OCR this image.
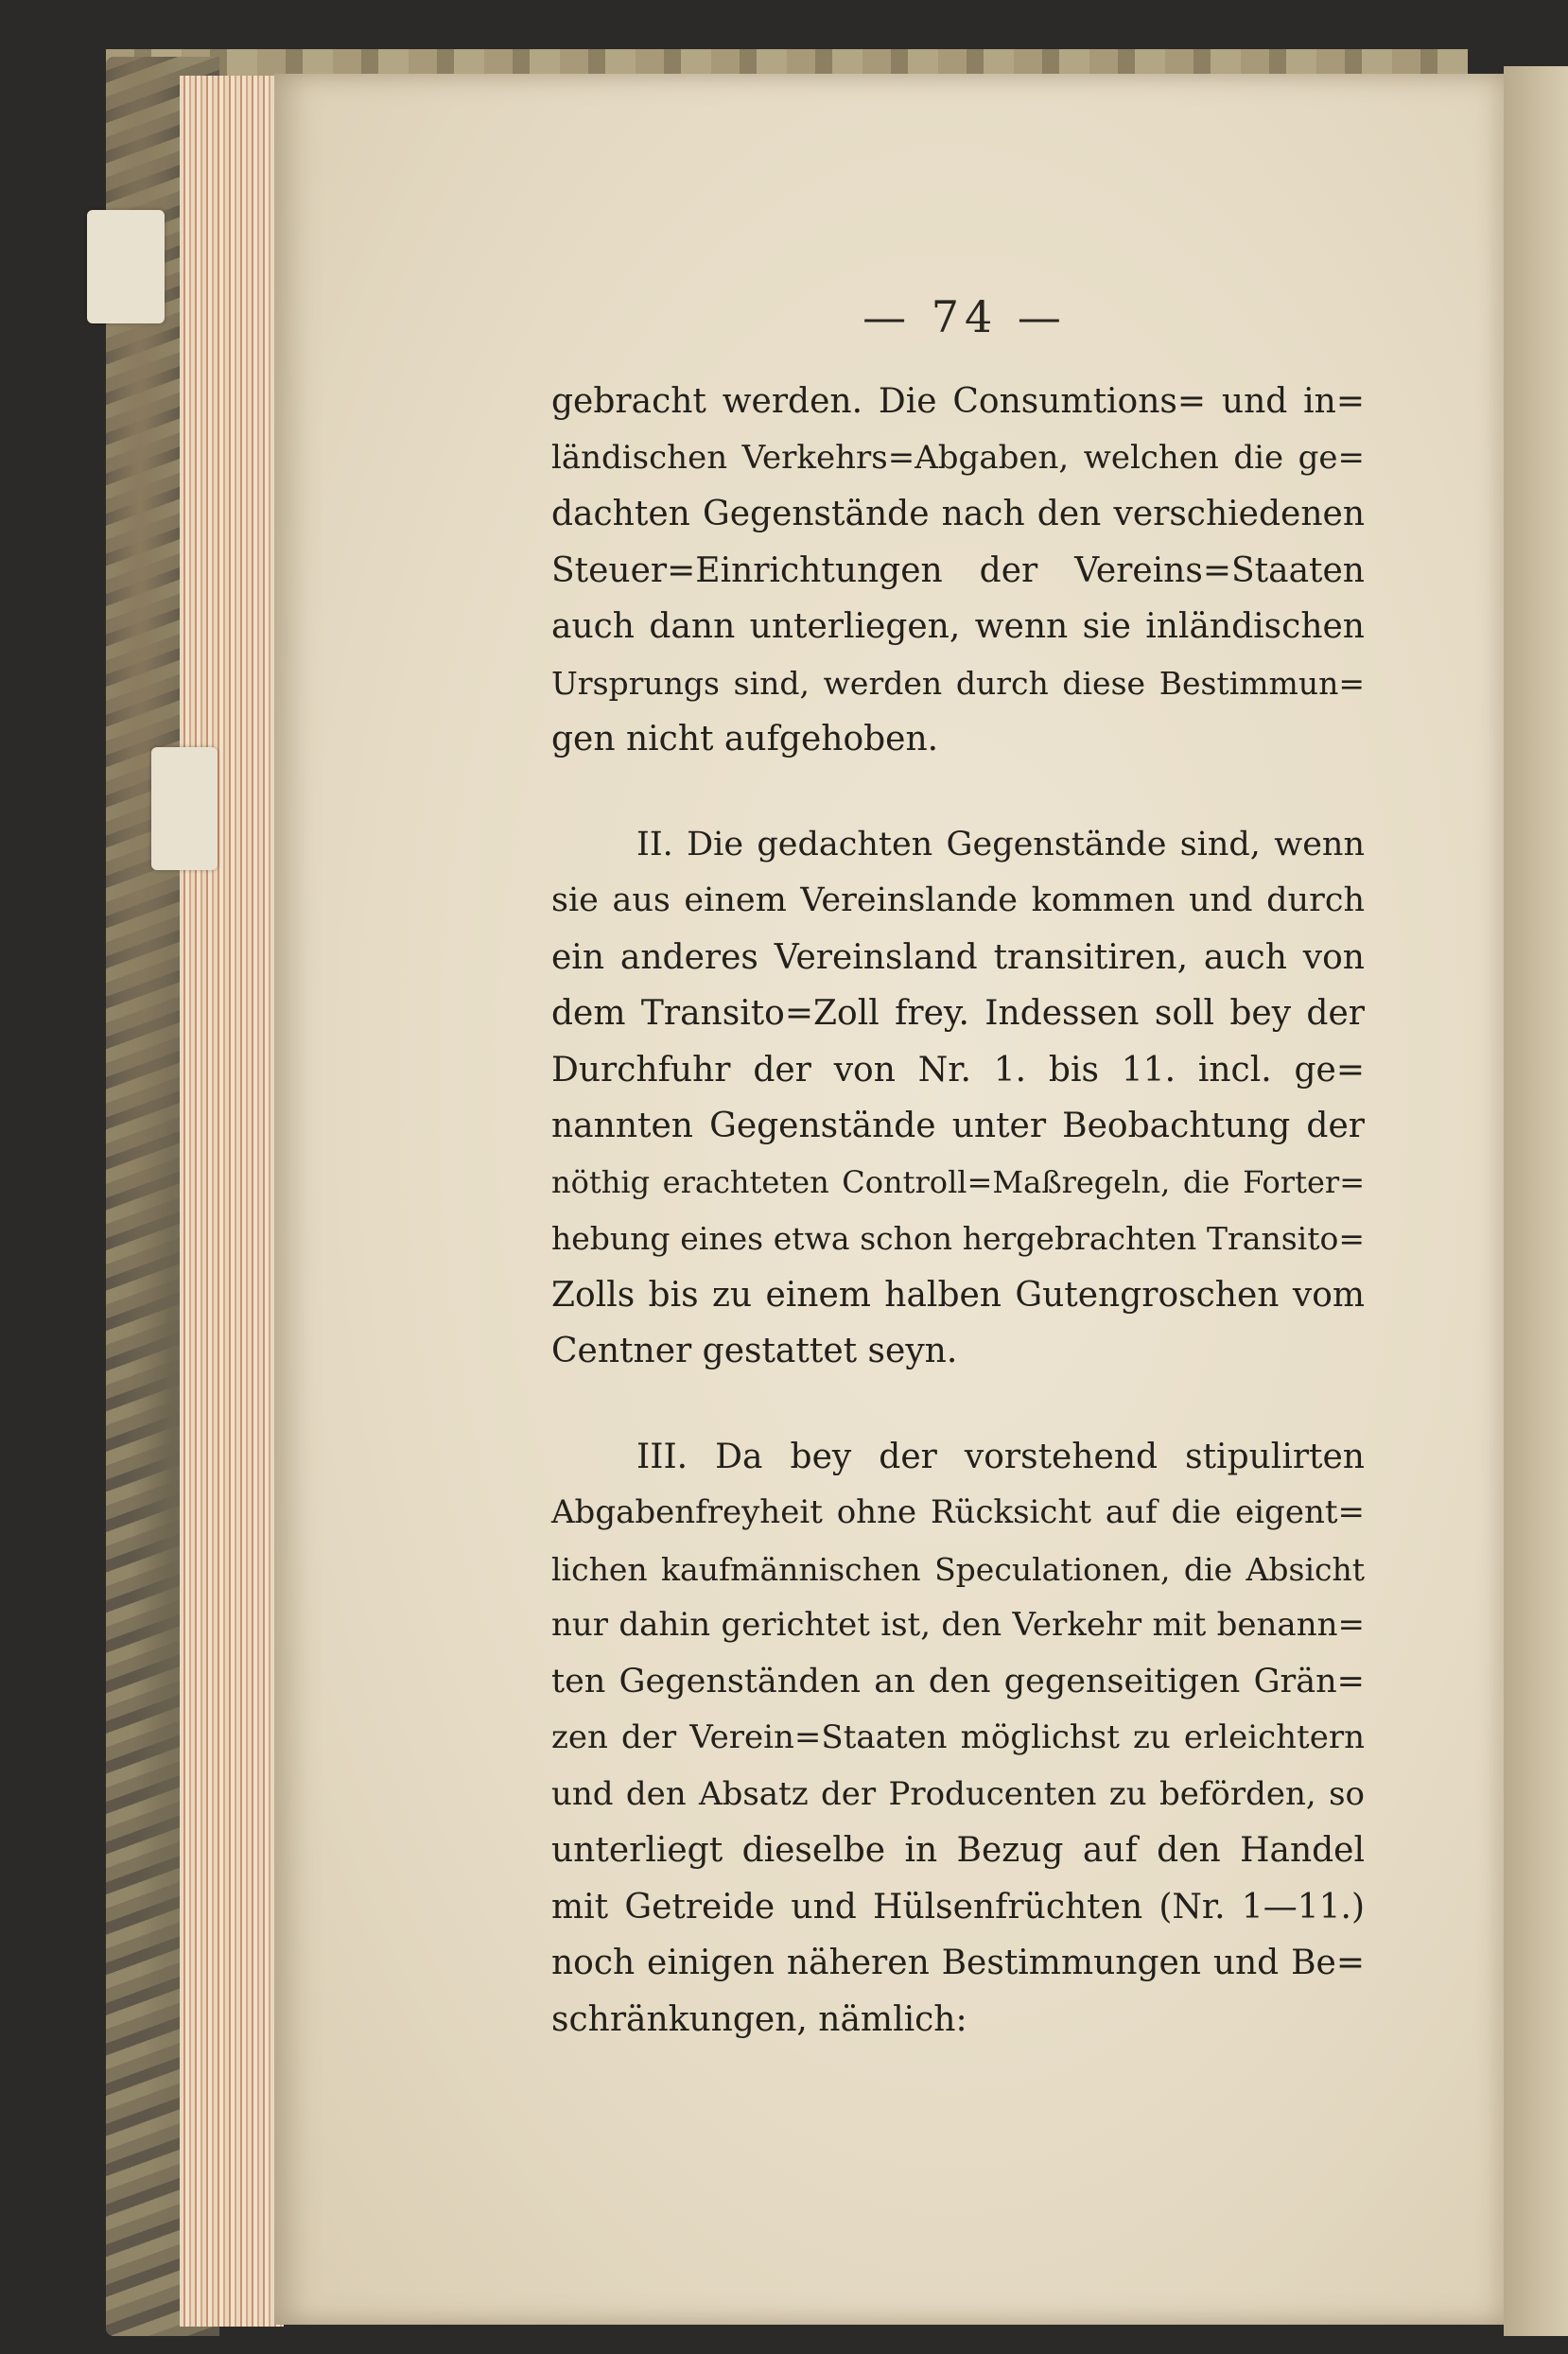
— 74 —
gebracht werden. Die Consumtions= und in=
ländischen Verkehrs=Abgaben, welchen die ge=
dachten Gegenstände nach den verschiedenen
Steuer=Einrichtungen der Vereins=Staaten
auch dann unterliegen, wenn sie inländischen
Ursprungs sind, werden durch diese Bestimmun=
gen nicht aufgehoben.
II. Die gedachten Gegenstände sind, wenn
sie aus einem Vereinslande kommen und durch
ein anderes Vereinsland transitiren, auch von
dem Transito=Zoll frey. Indessen soll bey der
Durchfuhr der von Nr. 1. bis 11. incl. ge=
nannten Gegenstände unter Beobachtung der
nöthig erachteten Controll=Maßregeln, die Forter=
hebung eines etwa schon hergebrachten Transito=
Zolls bis zu einem halben Gutengroschen vom
Centner gestattet seyn.
III. Da bey der vorstehend stipulirten
Abgabenfreyheit ohne Rücksicht auf die eigent=
lichen kaufmännischen Speculationen, die Absicht
nur dahin gerichtet ist, den Verkehr mit benann=
ten Gegenständen an den gegenseitigen Grän=
zen der Verein=Staaten möglichst zu erleichtern
und den Absatz der Producenten zu beförden, so
unterliegt dieselbe in Bezug auf den Handel
mit Getreide und Hülsenfrüchten (Nr. 1—11.)
noch einigen näheren Bestimmungen und Be=
schränkungen, nämlich:
